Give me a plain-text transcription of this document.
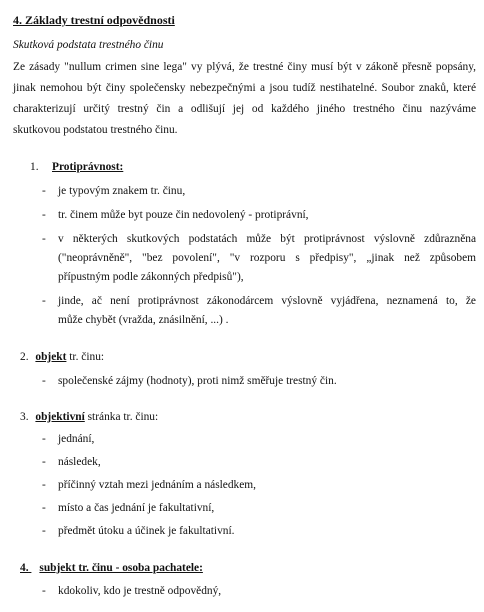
4. Základy trestní odpovědnosti
Skutková podstata trestného činu
Ze zásady "nullum crimen sine lega" vy plývá, že trestné činy musí být v zákoně přesně popsány,
jinak nemohou být činy společensky nebezpečnými a jsou tudíž nestihatelné. Soubor znaků, které
charakterizují určitý trestný čin a odlišují jej od každého jiného trestného činu nazýváme
skutkovou podstatou trestného činu.
1. Protiprávnost:
- je typovým znakem tr. činu,
- tr. činem může byt pouze čin nedovolený - protiprávní,
- v některých skutkových podstatách může být protiprávnost výslovně zdůrazněna
("neoprávněně", "bez povolení", "v rozporu s předpisy", „jinak než způsobem
přípustným podle zákonných předpisů"),
- jinde, ač není protiprávnost zákonodárcem výslovně vyjádřena, neznamená to, že
může chybět (vražda, znásilnění, ...) .
2. objekt tr. činu:
- společenské zájmy (hodnoty), proti nimž směřuje trestný čin.
3. objektivní stránka tr. činu:
- jednání,
- následek,
- příčinný vztah mezi jednáním a následkem,
- místo a čas jednání je fakultativní,
- předmět útoku a účinek je fakultativní.
4. subjekt tr. činu - osoba pachatele:
- kdokoliv, kdo je trestně odpovědný,
